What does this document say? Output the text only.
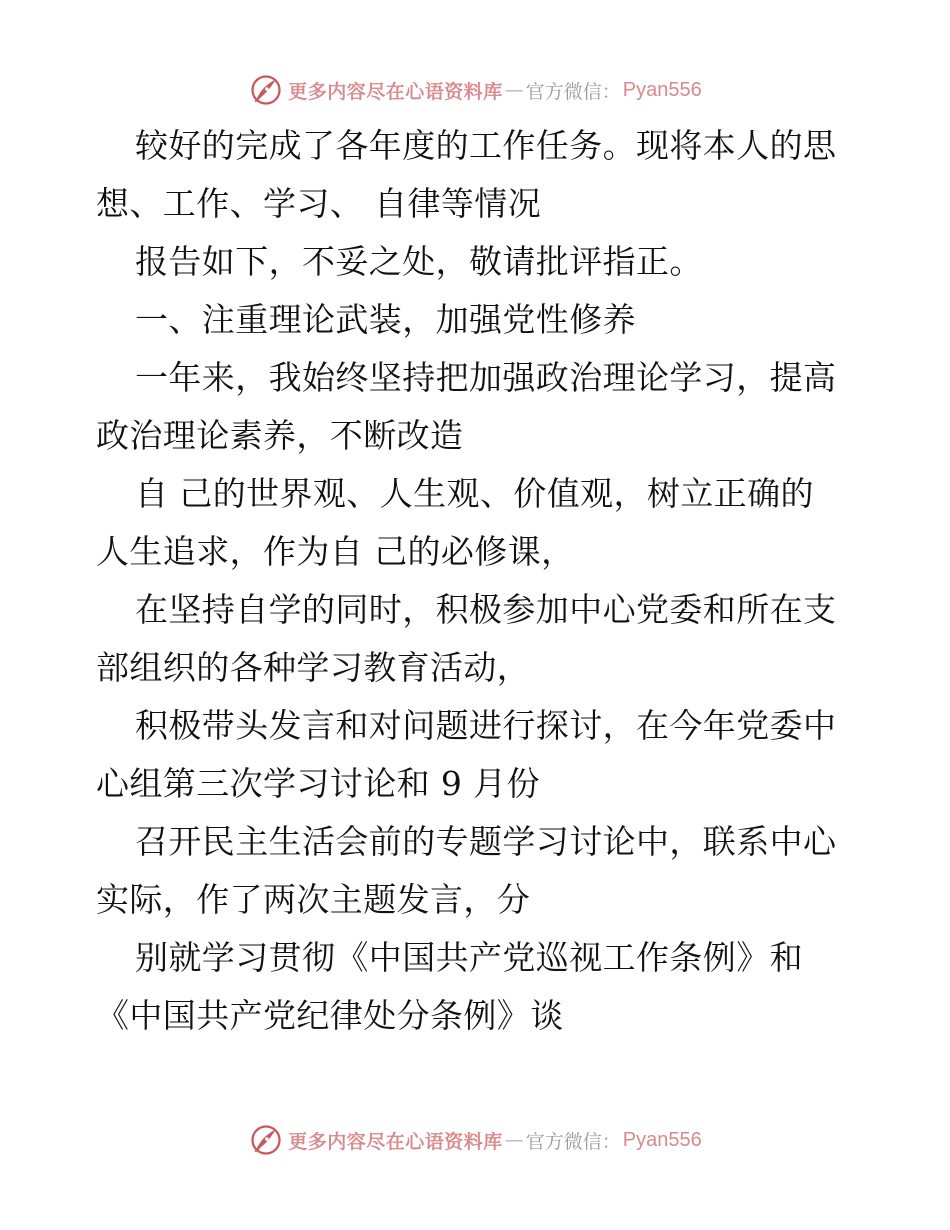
更多内容尽在心语资料库 — 官方微信： Pyan556
较好的完成了各年度的工作任务。现将本人的思
想、工作、学习、 自律等情况
报告如下，不妥之处，敬请批评指正。
一、注重理论武装，加强党性修养
一年来，我始终坚持把加强政治理论学习，提高
政治理论素养，不断改造
自 己的世界观、人生观、价值观，树立正确的
人生追求，作为自 己的必修课，
在坚持自学的同时，积极参加中心党委和所在支
部组织的各种学习教育活动，
积极带头发言和对问题进行探讨，在今年党委中
心组第三次学习讨论和 9 月份
召开民主生活会前的专题学习讨论中，联系中心
实际，作了两次主题发言，分
别就学习贯彻《中国共产党巡视工作条例》和
《中国共产党纪律处分条例》谈
更多内容尽在心语资料库 — 官方微信： Pyan556
